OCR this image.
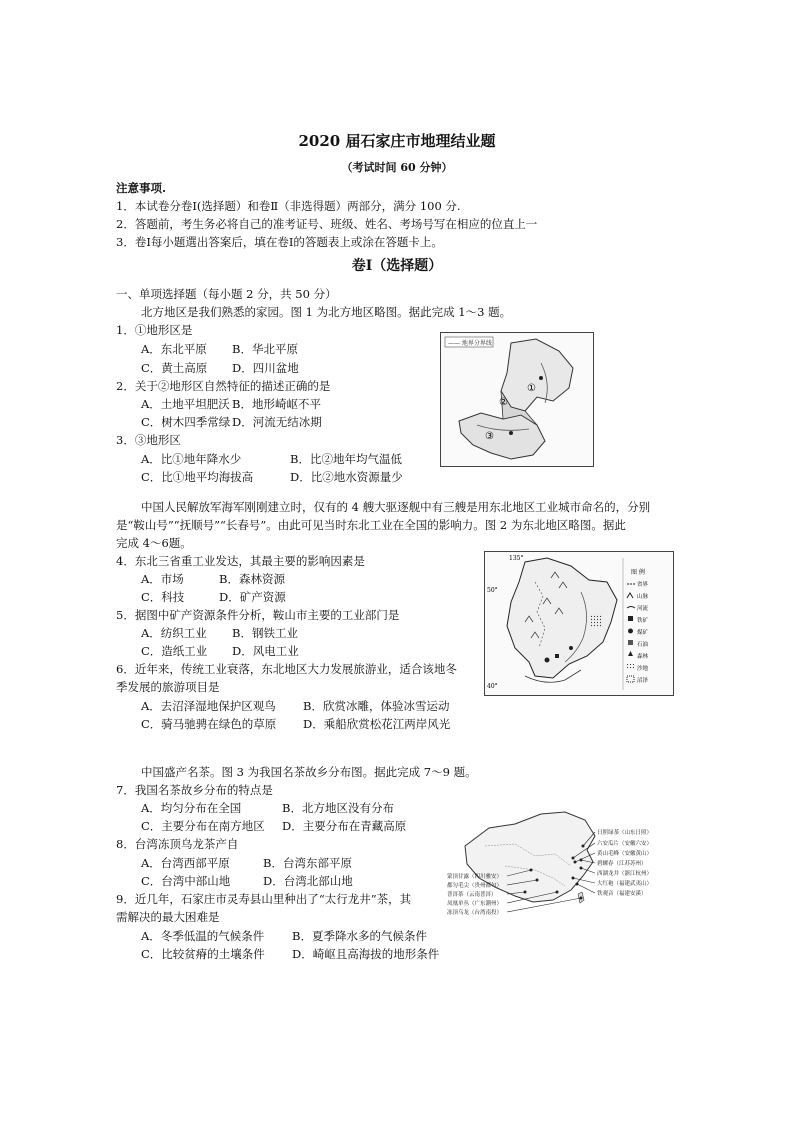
2020 届石家庄市地理结业题
（考试时间 60 分钟）
注意事项.
1．本试卷分卷Ⅰ(选择题）和卷Ⅱ（非选得题）两部分，满分 100 分.
2．答题前，考生务必将自己的准考证号、班级、姓名、考场号写在相应的位直上一
3．卷Ⅰ每小题選出答案后，填在卷Ⅰ的答题表上或涂在答题卡上。
卷Ⅰ（选择题）
一、单项选择题（每小题 2 分，共 50 分）
北方地区是我们熟悉的家园。图 1 为北方地区略图。据此完成 1～3 题。
1．①地形区是
A．东北平原 B．华北平原
C．黄土高原 D．四川盆地
2．关于②地形区自然特征的描述正确的是
A．土地平坦肥沃 B．地形崎岖不平
C．树木四季常绿 D．河流无结冰期
3．③地形区
A．比①地年降水少	B．比②地年均气温低
C．比①地平均海拔高	D．比②地水资源量少
—— 地界分界线
①
③
②
中国人民解放军海军刚刚建立时，仅有的 4 艘大驱逐舰中有三艘是用东北地区工业城市命名的，分别
是“鞍山号”“抚顺号”“长春号”。由此可见当时东北工业在全国的影响力。图 2 为东北地区略图。据此
完成 4～6题。
4．东北三省重工业发达，其最主要的影响因素是
A．市场	B．森林资源
C．科技	D．矿产资源
5．据图中矿产资源条件分析，鞍山市主要的工业部门是
A．纺织工业 B．钢铁工业
C．造纸工业 D．风电工业
6．近年来，传统工业衰落，东北地区大力发展旅游业，适合该地冬
季发展的旅游项目是
A．去沼泽湿地保护区观鸟 B．欣赏冰雕，体验冰雪运动
C．骑马驰骋在绿色的草原 D．乘船欣赏松花江两岸风光
135°
50°
40°
图 例
省界
山脉
河流
铁矿
煤矿
石油
森林
沙地
沼泽
中国盛产名茶。图 3 为我国名茶故乡分布图。据此完成 7～9 题。
7．我国名茶故乡分布的特点是
A．均匀分布在全国	B．北方地区没有分布
C．主要分布在南方地区 D．主要分布在青藏高原
8．台湾冻顶乌龙茶产自
A．台湾西部平原	B．台湾东部平原
C．台湾中部山地	D．台湾北部山地
9．近几年，石家庄市灵寿县山里种出了“太行龙井”茶，其
需解决的最大困难是
A．冬季低温的气候条件 B．夏季降水多的气候条件
C．比较贫瘠的土壤条件 D．崎岖且高海拔的地形条件
日照绿茶（山东日照）
六安瓜片（安徽六安）
黄山毛峰（安徽黄山）
碧螺春（江苏苏州）
西湖龙井（浙江杭州）
大红袍（福建武夷山）
铁观音（福建安溪）
蒙顶甘露（四川雅安）
都匀毛尖（贵州都匀）
普洱茶（云南普洱）
凤凰单丛（广东潮州）
冻顶乌龙（台湾南投）
